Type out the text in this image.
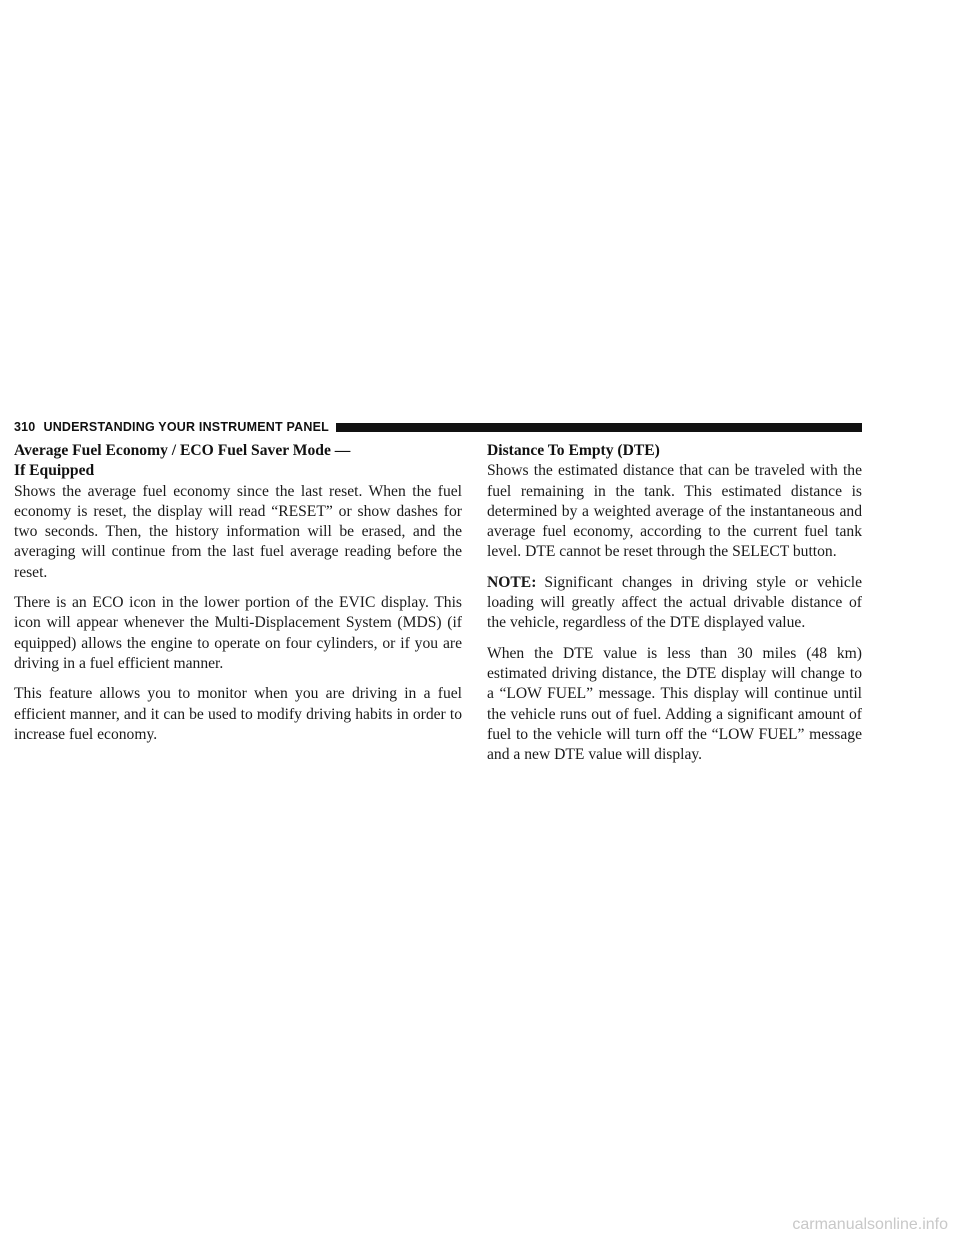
310 UNDERSTANDING YOUR INSTRUMENT PANEL
Average Fuel Economy / ECO Fuel Saver Mode —
If Equipped

Shows the average fuel economy since the last reset. When the fuel economy is reset, the display will read “RESET” or show dashes for two seconds. Then, the history information will be erased, and the averaging will continue from the last fuel average reading before the reset.

There is an ECO icon in the lower portion of the EVIC display. This icon will appear whenever the Multi-Displacement System (MDS) (if equipped) allows the engine to operate on four cylinders, or if you are driving in a fuel efficient manner.

This feature allows you to monitor when you are driving in a fuel efficient manner, and it can be used to modify driving habits in order to increase fuel economy.

Distance To Empty (DTE)

Shows the estimated distance that can be traveled with the fuel remaining in the tank. This estimated distance is determined by a weighted average of the instantaneous and average fuel economy, according to the current fuel tank level. DTE cannot be reset through the SELECT button.

NOTE: Significant changes in driving style or vehicle loading will greatly affect the actual drivable distance of the vehicle, regardless of the DTE displayed value.

When the DTE value is less than 30 miles (48 km) estimated driving distance, the DTE display will change to a “LOW FUEL” message. This display will continue until the vehicle runs out of fuel. Adding a significant amount of fuel to the vehicle will turn off the “LOW FUEL” message and a new DTE value will display.

carmanualsonline.info
